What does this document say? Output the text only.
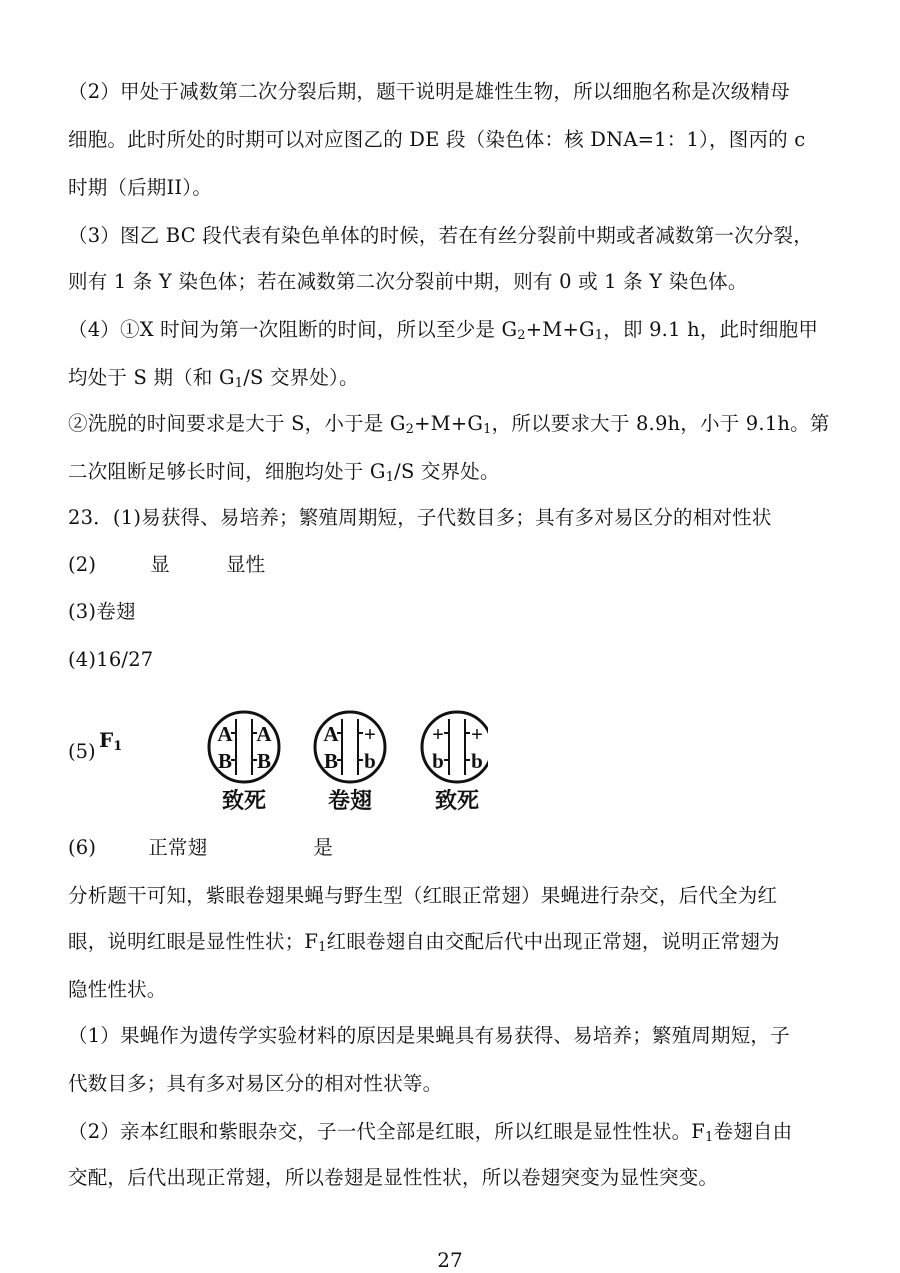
（2）甲处于减数第二次分裂后期，题干说明是雄性生物，所以细胞名称是次级精母
细胞。此时所处的时期可以对应图乙的 DE 段（染色体：核 DNA=1：1），图丙的 c
时期（后期II）。
（3）图乙 BC 段代表有染色单体的时候，若在有丝分裂前中期或者减数第一次分裂，
则有 1 条 Y 染色体；若在减数第二次分裂前中期，则有 0 或 1 条 Y 染色体。
（4）①X 时间为第一次阻断的时间，所以至少是 $G_2+M+G_1$，即 9.1 h，此时细胞甲
均处于 S 期（和 $G_1/S$ 交界处）。
②洗脱的时间要求是大于 S，小于是 $G_2+M+G_1$，所以要求大于 8.9h，小于 9.1h。第
二次阻断足够长时间，细胞均处于 $G_1/S$ 交界处。
23．(1)易获得、易培养；繁殖周期短，子代数目多；具有多对易区分的相对性状
(2)	显	显性
(3)卷翅
(4)16/27
(5) $F_1$
A A
B B
致死
A +
B b
卷翅
+ +
b b
致死
(6)	正常翅	是
分析题干可知，紫眼卷翅果蝇与野生型（红眼正常翅）果蝇进行杂交，后代全为红
眼，说明红眼是显性性状；$F_1$红眼卷翅自由交配后代中出现正常翅，说明正常翅为
隐性性状。
（1）果蝇作为遗传学实验材料的原因是果蝇具有易获得、易培养；繁殖周期短，子
代数目多；具有多对易区分的相对性状等。
（2）亲本红眼和紫眼杂交，子一代全部是红眼，所以红眼是显性性状。$F_1$卷翅自由
交配，后代出现正常翅，所以卷翅是显性性状，所以卷翅突变为显性突变。
27
